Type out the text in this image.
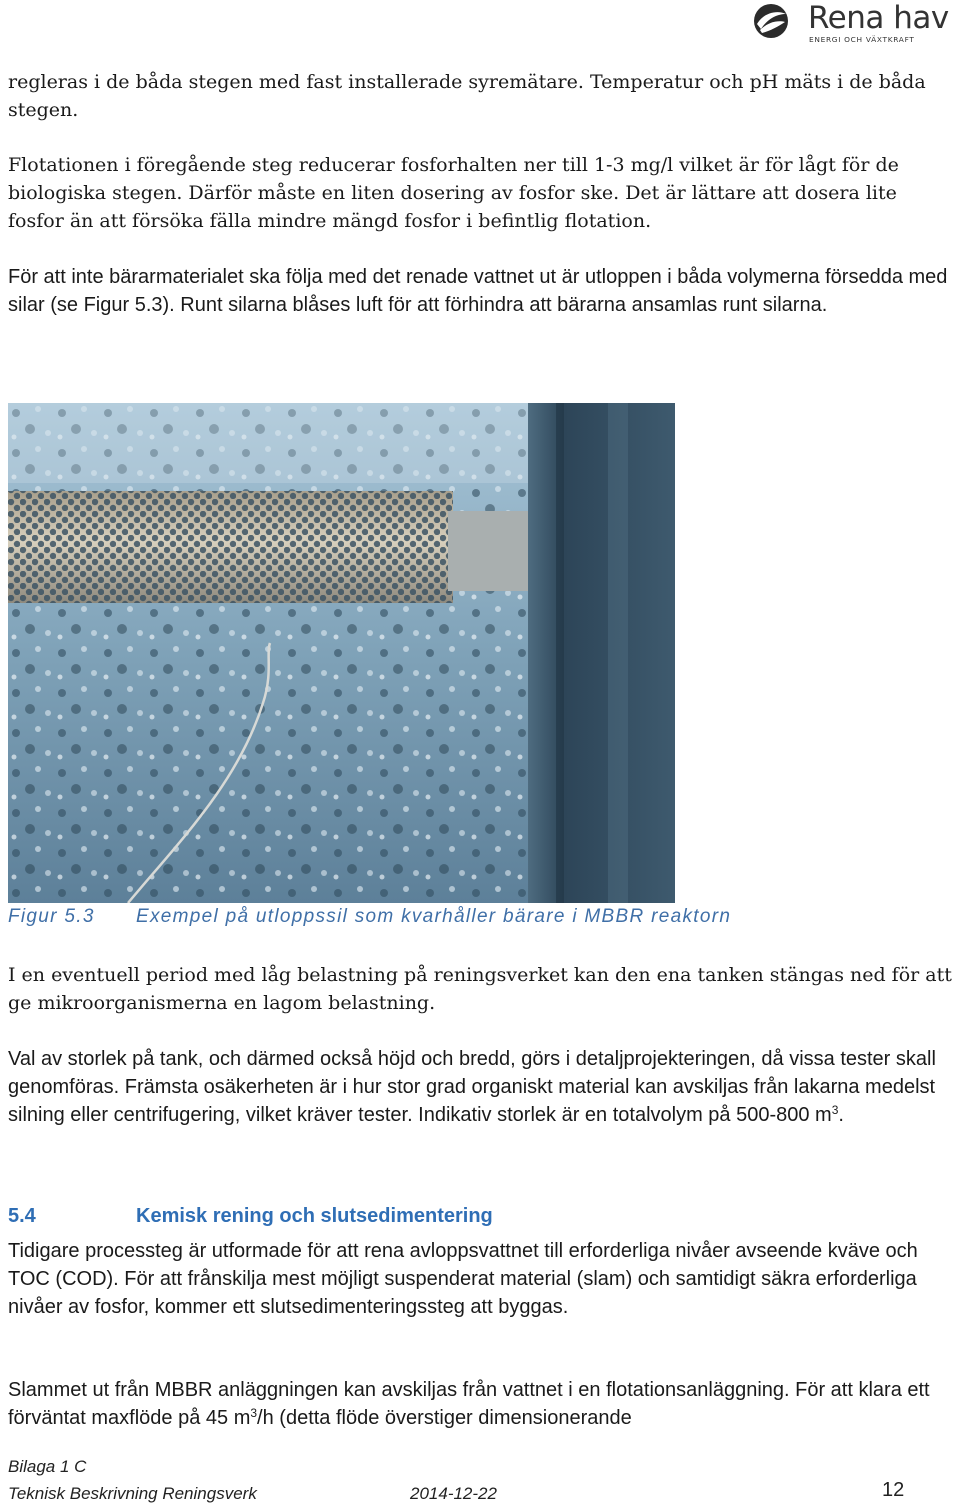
Rena hav
ENERGI OCH VÄXTKRAFT

regleras i de båda stegen med fast installerade syremätare. Temperatur och pH mäts i de båda stegen.

Flotationen i föregående steg reducerar fosforhalten ner till 1-3 mg/l vilket är för lågt för de biologiska stegen. Därför måste en liten dosering av fosfor ske. Det är lättare att dosera lite fosfor än att försöka fälla mindre mängd fosfor i befintlig flotation.

För att inte bärarmaterialet ska följa med det renade vattnet ut är utloppen i båda volymerna försedda med silar (se Figur 5.3). Runt silarna blåses luft för att förhindra att bärarna ansamlas runt silarna.

Figur 5.3 Exempel på utloppssil som kvarhåller bärare i MBBR reaktorn

I en eventuell period med låg belastning på reningsverket kan den ena tanken stängas ned för att ge mikroorganismerna en lagom belastning.

Val av storlek på tank, och därmed också höjd och bredd, görs i detaljprojekteringen, då vissa tester skall genomföras. Främsta osäkerheten är i hur stor grad organiskt material kan avskiljas från lakarna medelst silning eller centrifugering, vilket kräver tester. Indikativ storlek är en totalvolym på 500-800 $m^3$.

5.4	Kemisk rening och slutsedimentering

Tidigare processteg är utformade för att rena avloppsvattnet till erforderliga nivåer avseende kväve och TOC (COD). För att frånskilja mest möjligt suspenderat material (slam) och samtidigt säkra erforderliga nivåer av fosfor, kommer ett slutsedimenteringssteg att byggas.

Slammet ut från MBBR anläggningen kan avskiljas från vattnet i en flotationsanläggning. För att klara ett förväntat maxflöde på 45 $m^3/h$ (detta flöde överstiger dimensionerande

Bilaga 1 C
Teknisk Beskrivning Reningsverk	2014-12-22	12
